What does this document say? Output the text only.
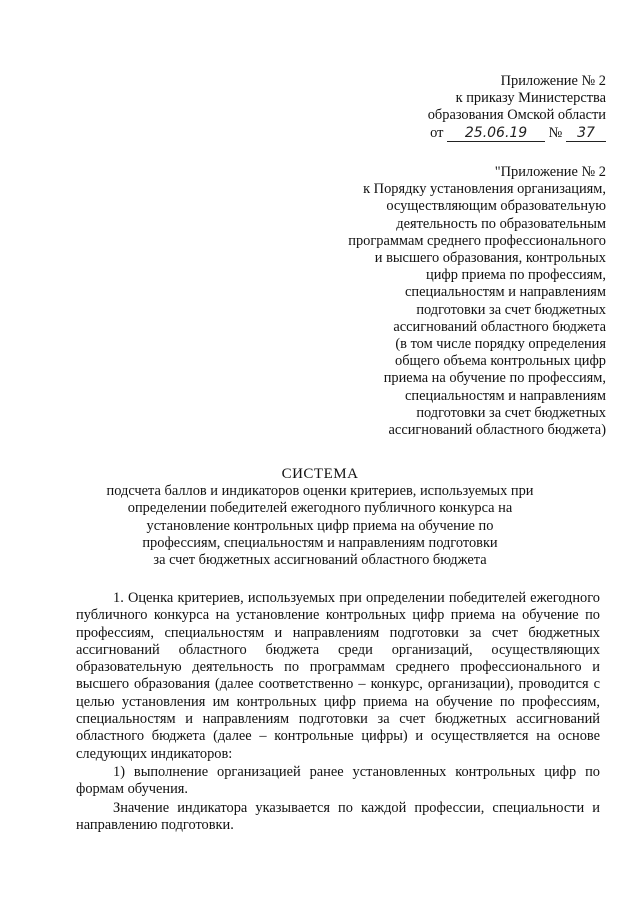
Приложение № 2
к приказу Министерства
образования Омской области
от 25.06.19 № 37
"Приложение № 2
к Порядку установления организациям,
осуществляющим образовательную
деятельность по образовательным
программам среднего профессионального
и высшего образования, контрольных
цифр приема по профессиям,
специальностям и направлениям
подготовки за счет бюджетных
ассигнований областного бюджета
(в том числе порядку определения
общего объема контрольных цифр
приема на обучение по профессиям,
специальностям и направлениям
подготовки за счет бюджетных
ассигнований областного бюджета)
СИСТЕМА
подсчета баллов и индикаторов оценки критериев, используемых при
определении победителей ежегодного публичного конкурса на
установление контрольных цифр приема на обучение по
профессиям, специальностям и направлениям подготовки
за счет бюджетных ассигнований областного бюджета

1. Оценка критериев, используемых при определении победителей ежегодного публичного конкурса на установление контрольных цифр приема на обучение по профессиям, специальностям и направлениям подготовки за счет бюджетных ассигнований областного бюджета среди организаций, осуществляющих образовательную деятельность по программам среднего профессионального и высшего образования (далее соответственно – конкурс, организации), проводится с целью установления им контрольных цифр приема на обучение по профессиям, специальностям и направлениям подготовки за счет бюджетных ассигнований областного бюджета (далее – контрольные цифры) и осуществляется на основе следующих индикаторов:

1) выполнение организацией ранее установленных контрольных цифр по формам обучения.

Значение индикатора указывается по каждой профессии, специальности и направлению подготовки.
